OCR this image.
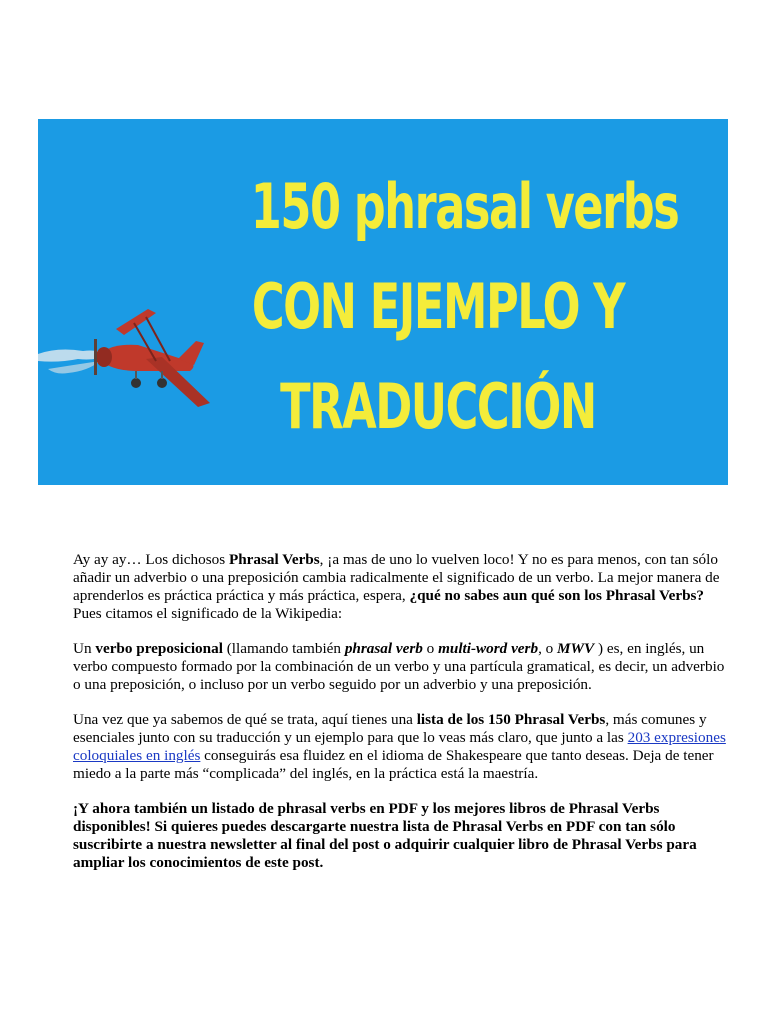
150 phrasal verbs
CON EJEMPLO Y
TRADUCCIÓN

Ay ay ay… Los dichosos Phrasal Verbs, ¡a mas de uno lo vuelven loco! Y no es para menos, con tan sólo añadir un adverbio o una preposición cambia radicalmente el significado de un verbo. La mejor manera de aprenderlos es práctica práctica y más práctica, espera, ¿qué no sabes aun qué son los Phrasal Verbs? Pues citamos el significado de la Wikipedia:

Un verbo preposicional (llamando también phrasal verb o multi-word verb, o MWV ) es, en inglés, un verbo compuesto formado por la combinación de un verbo y una partícula gramatical, es decir, un adverbio o una preposición, o incluso por un verbo seguido por un adverbio y una preposición.

Una vez que ya sabemos de qué se trata, aquí tienes una lista de los 150 Phrasal Verbs, más comunes y esenciales junto con su traducción y un ejemplo para que lo veas más claro, que junto a las 203 expresiones coloquiales en inglés conseguirás esa fluidez en el idioma de Shakespeare que tanto deseas. Deja de tener miedo a la parte más “complicada” del inglés, en la práctica está la maestría.

¡Y ahora también un listado de phrasal verbs en PDF y los mejores libros de Phrasal Verbs disponibles! Si quieres puedes descargarte nuestra lista de Phrasal Verbs en PDF con tan sólo suscribirte a nuestra newsletter al final del post o adquirir cualquier libro de Phrasal Verbs para ampliar los conocimientos de este post.
